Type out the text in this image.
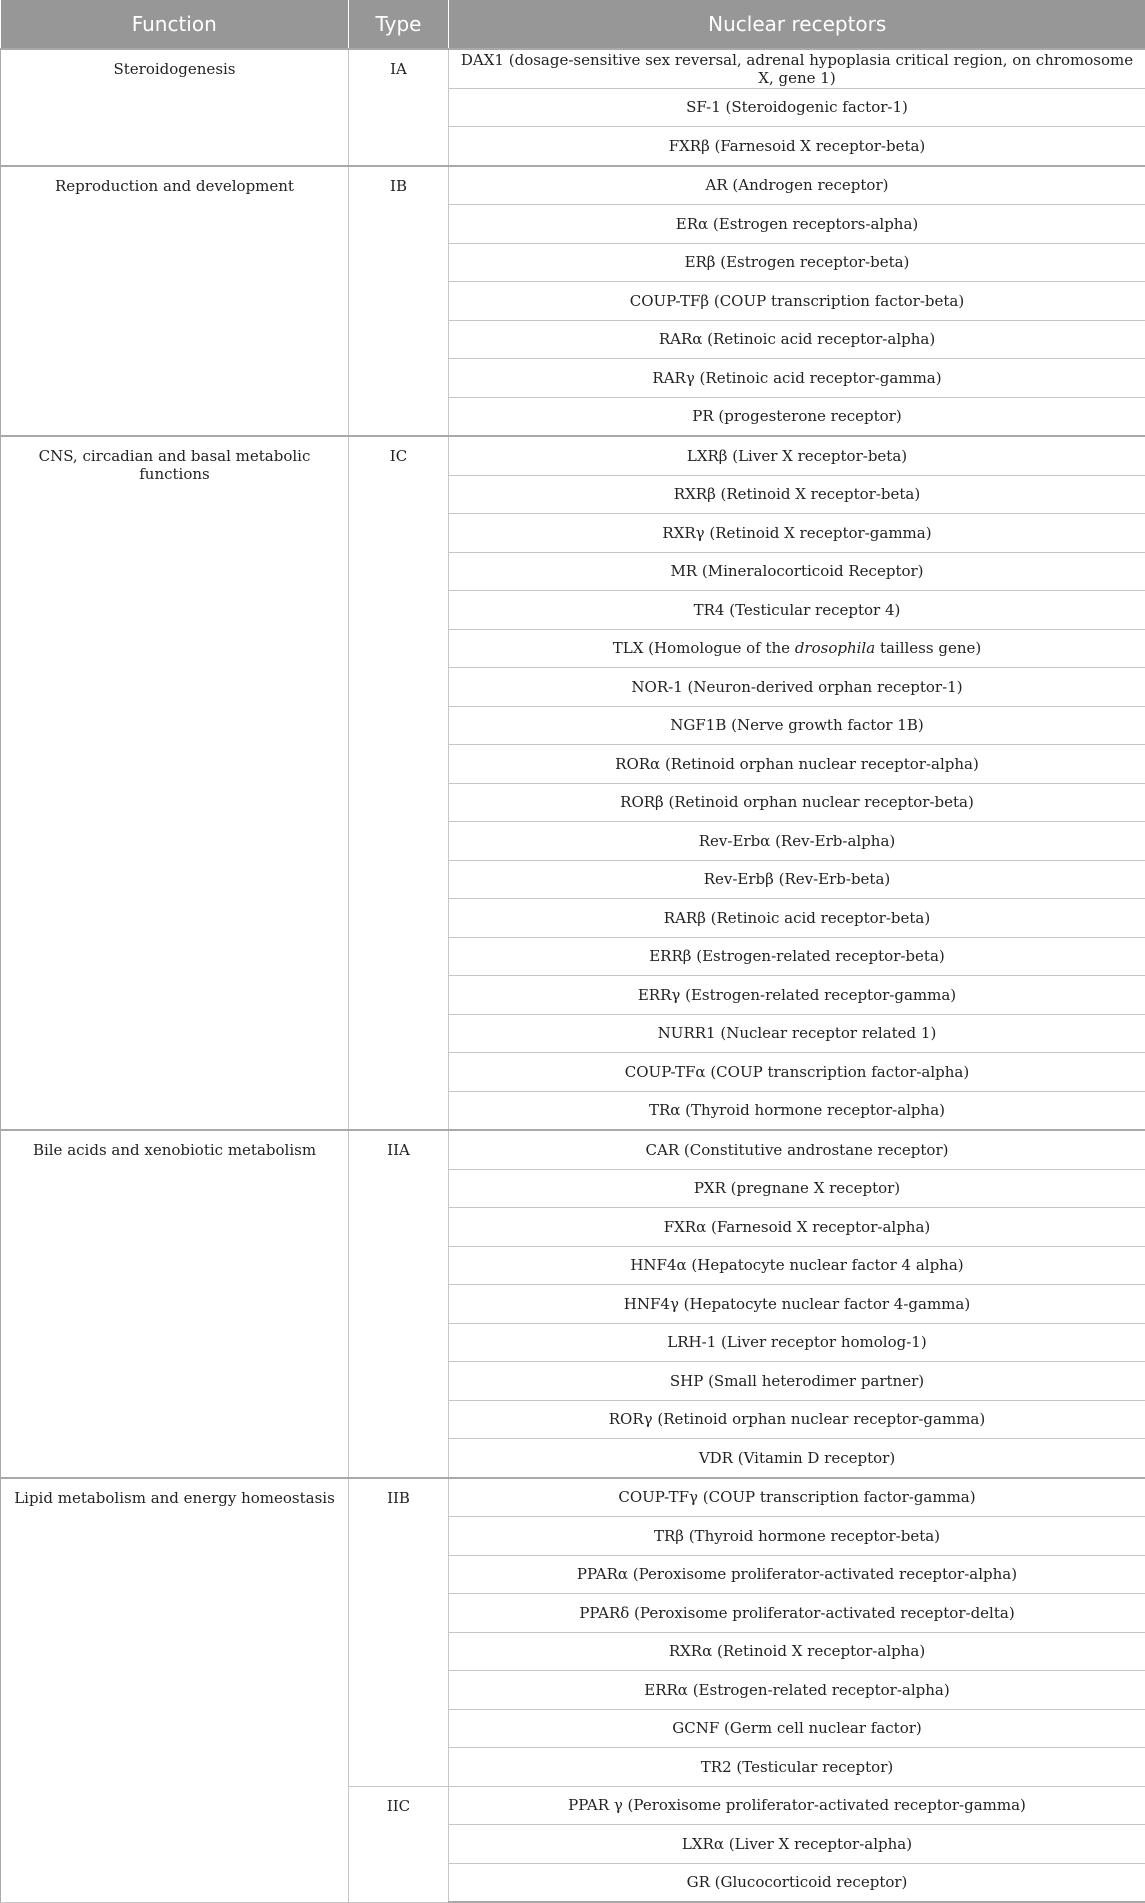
Function	Type	Nuclear receptors
Steroidogenesis	IA	DAX1 (dosage-sensitive sex reversal, adrenal hypoplasia critical region, on chromosome X, gene 1)
		SF-1 (Steroidogenic factor-1)
		FXRβ (Farnesoid X receptor-beta)
Reproduction and development	IB	AR (Androgen receptor)
		ERα (Estrogen receptors-alpha)
		ERβ (Estrogen receptor-beta)
		COUP-TFβ (COUP transcription factor-beta)
		RARα (Retinoic acid receptor-alpha)
		RARγ (Retinoic acid receptor-gamma)
		PR (progesterone receptor)
CNS, circadian and basal metabolic functions	IC	LXRβ (Liver X receptor-beta)
		RXRβ (Retinoid X receptor-beta)
		RXRγ (Retinoid X receptor-gamma)
		MR (Mineralocorticoid Receptor)
		TR4 (Testicular receptor 4)
		TLX (Homologue of the drosophila tailless gene)
		NOR-1 (Neuron-derived orphan receptor-1)
		NGF1B (Nerve growth factor 1B)
		RORα (Retinoid orphan nuclear receptor-alpha)
		RORβ (Retinoid orphan nuclear receptor-beta)
		Rev-Erbα (Rev-Erb-alpha)
		Rev-Erbβ (Rev-Erb-beta)
		RARβ (Retinoic acid receptor-beta)
		ERRβ (Estrogen-related receptor-beta)
		ERRγ (Estrogen-related receptor-gamma)
		NURR1 (Nuclear receptor related 1)
		COUP-TFα (COUP transcription factor-alpha)
		TRα (Thyroid hormone receptor-alpha)
Bile acids and xenobiotic metabolism	IIA	CAR (Constitutive androstane receptor)
		PXR (pregnane X receptor)
		FXRα (Farnesoid X receptor-alpha)
		HNF4α (Hepatocyte nuclear factor 4 alpha)
		HNF4γ (Hepatocyte nuclear factor 4-gamma)
		LRH-1 (Liver receptor homolog-1)
		SHP (Small heterodimer partner)
		RORγ (Retinoid orphan nuclear receptor-gamma)
		VDR (Vitamin D receptor)
Lipid metabolism and energy homeostasis	IIB	COUP-TFγ (COUP transcription factor-gamma)
		TRβ (Thyroid hormone receptor-beta)
		PPARα (Peroxisome proliferator-activated receptor-alpha)
		PPARδ (Peroxisome proliferator-activated receptor-delta)
		RXRα (Retinoid X receptor-alpha)
		ERRα (Estrogen-related receptor-alpha)
		GCNF (Germ cell nuclear factor)
		TR2 (Testicular receptor)
	IIC	PPAR γ (Peroxisome proliferator-activated receptor-gamma)
		LXRα (Liver X receptor-alpha)
		GR (Glucocorticoid receptor)
